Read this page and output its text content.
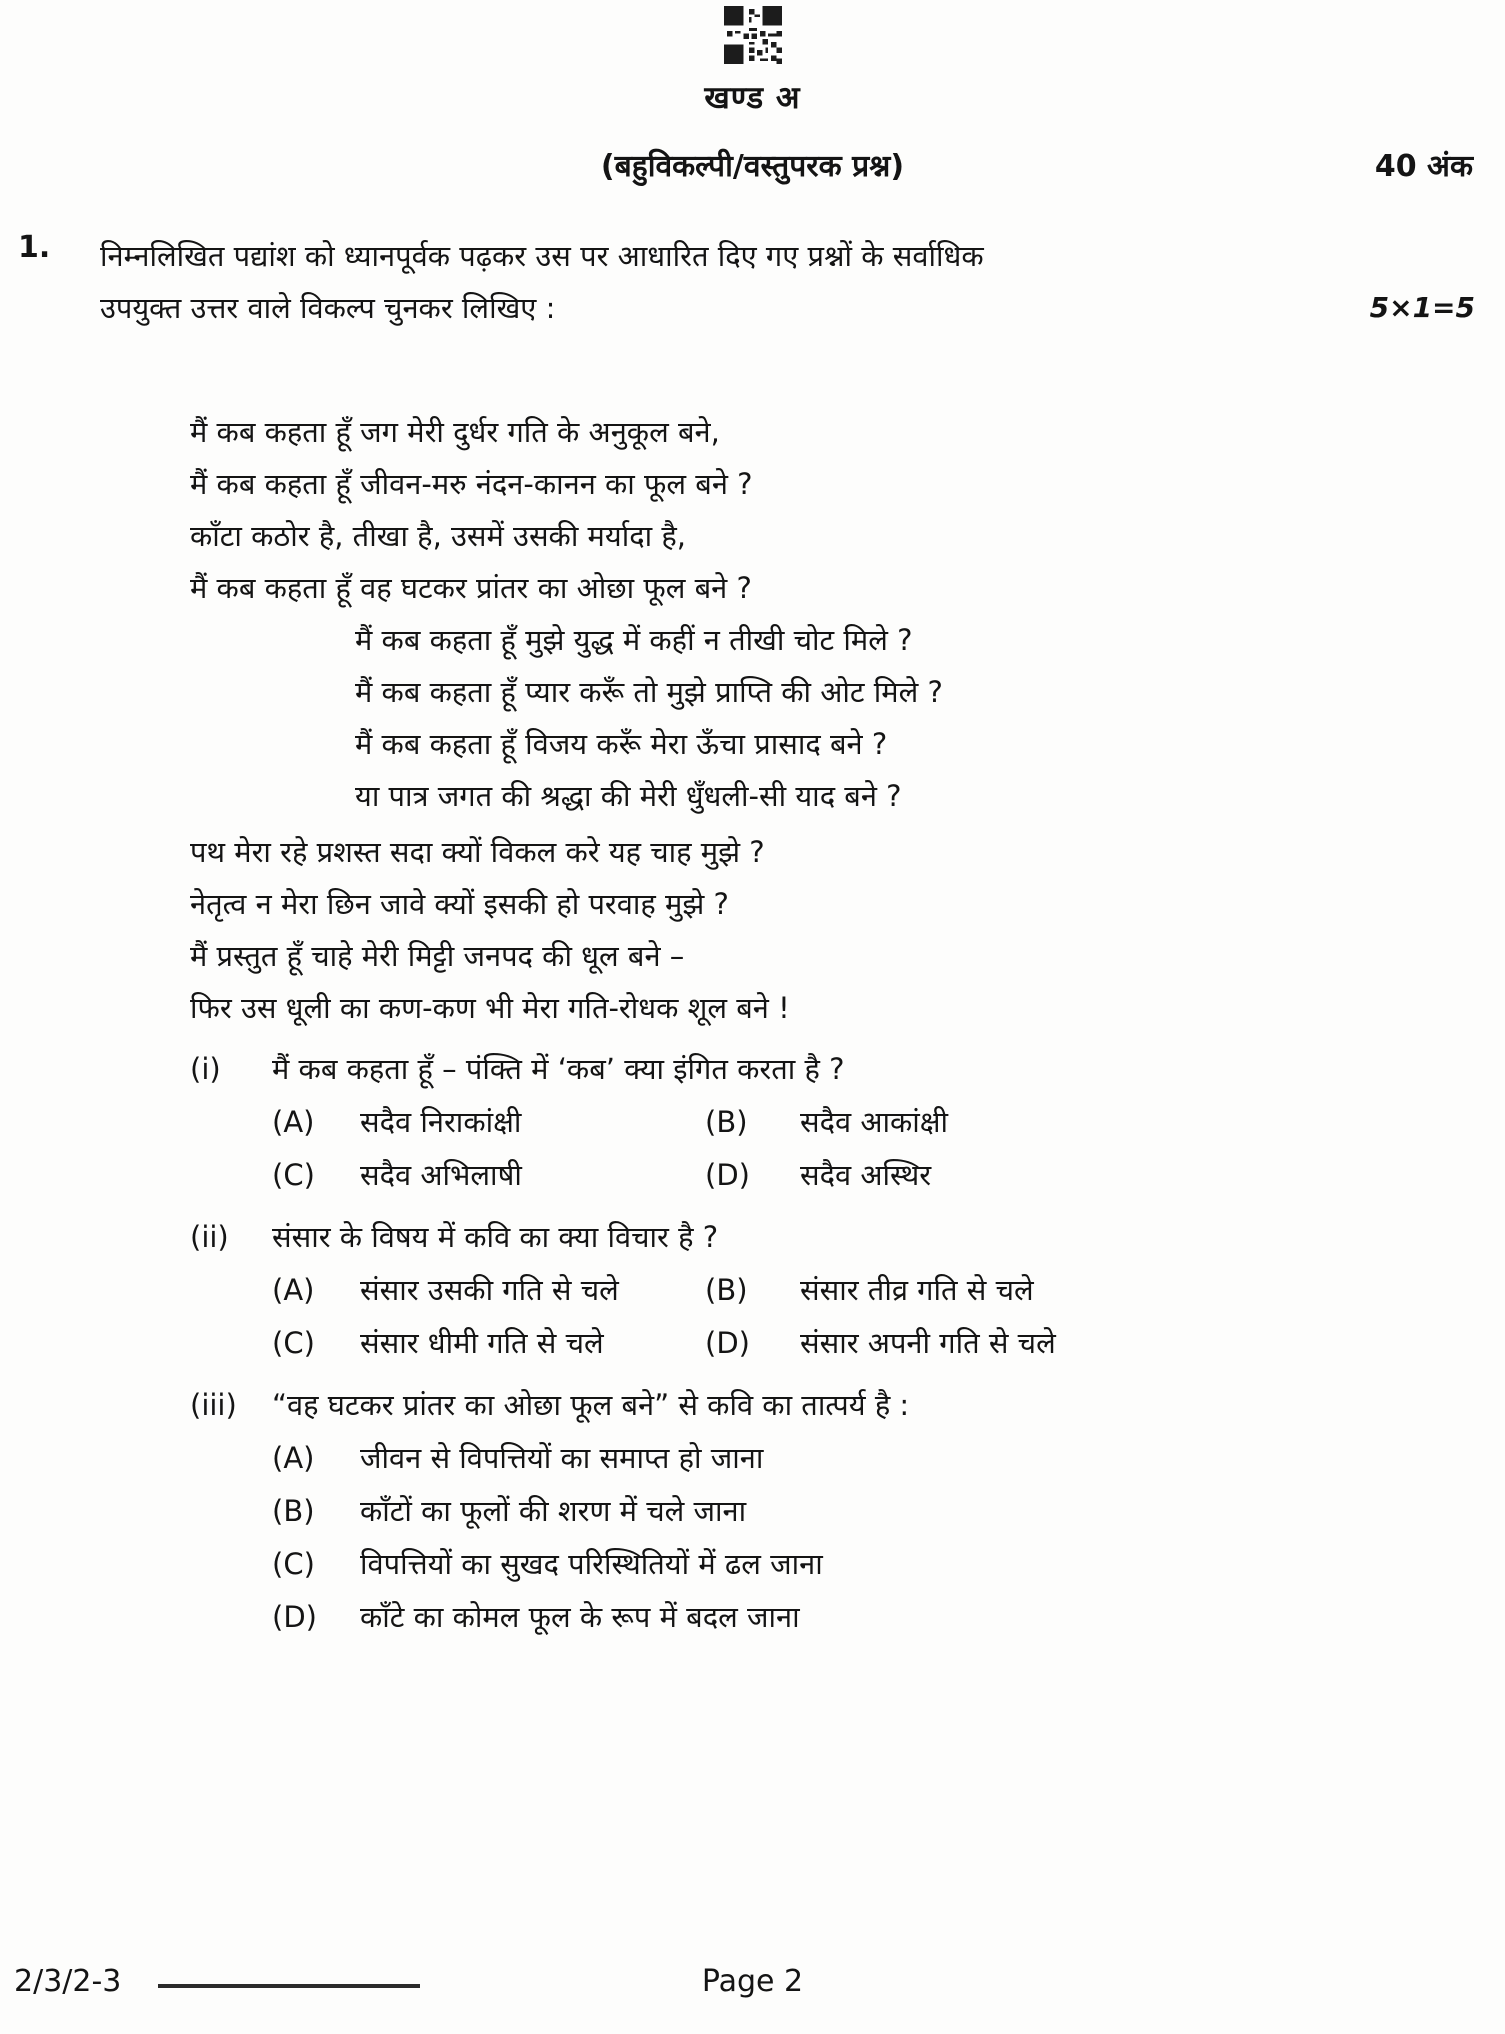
खण्ड अ
(बहुविकल्पी/वस्तुपरक प्रश्न)	40 अंक
1.	निम्नलिखित पद्यांश को ध्यानपूर्वक पढ़कर उस पर आधारित दिए गए प्रश्नों के सर्वाधिक
उपयुक्त उत्तर वाले विकल्प चुनकर लिखिए :	5×1=5
मैं कब कहता हूँ जग मेरी दुर्धर गति के अनुकूल बने,
मैं कब कहता हूँ जीवन-मरु नंदन-कानन का फूल बने ?
काँटा कठोर है, तीखा है, उसमें उसकी मर्यादा है,
मैं कब कहता हूँ वह घटकर प्रांतर का ओछा फूल बने ?
मैं कब कहता हूँ मुझे युद्ध में कहीं न तीखी चोट मिले ?
मैं कब कहता हूँ प्यार करूँ तो मुझे प्राप्ति की ओट मिले ?
मैं कब कहता हूँ विजय करूँ मेरा ऊँचा प्रासाद बने ?
या पात्र जगत की श्रद्धा की मेरी धुँधली-सी याद बने ?
पथ मेरा रहे प्रशस्त सदा क्यों विकल करे यह चाह मुझे ?
नेतृत्व न मेरा छिन जावे क्यों इसकी हो परवाह मुझे ?
मैं प्रस्तुत हूँ चाहे मेरी मिट्टी जनपद की धूल बने –
फिर उस धूली का कण-कण भी मेरा गति-रोधक शूल बने !
(i)	मैं कब कहता हूँ – पंक्ति में ‘कब’ क्या इंगित करता है ?
(A)	सदैव निराकांक्षी	(B)	सदैव आकांक्षी
(C)	सदैव अभिलाषी	(D)	सदैव अस्थिर
(ii)	संसार के विषय में कवि का क्या विचार है ?
(A)	संसार उसकी गति से चले	(B)	संसार तीव्र गति से चले
(C)	संसार धीमी गति से चले	(D)	संसार अपनी गति से चले
(iii)	“वह घटकर प्रांतर का ओछा फूल बने” से कवि का तात्पर्य है :
(A)	जीवन से विपत्तियों का समाप्त हो जाना
(B)	काँटों का फूलों की शरण में चले जाना
(C)	विपत्तियों का सुखद परिस्थितियों में ढल जाना
(D)	काँटे का कोमल फूल के रूप में बदल जाना
2/3/2-3	Page 2
